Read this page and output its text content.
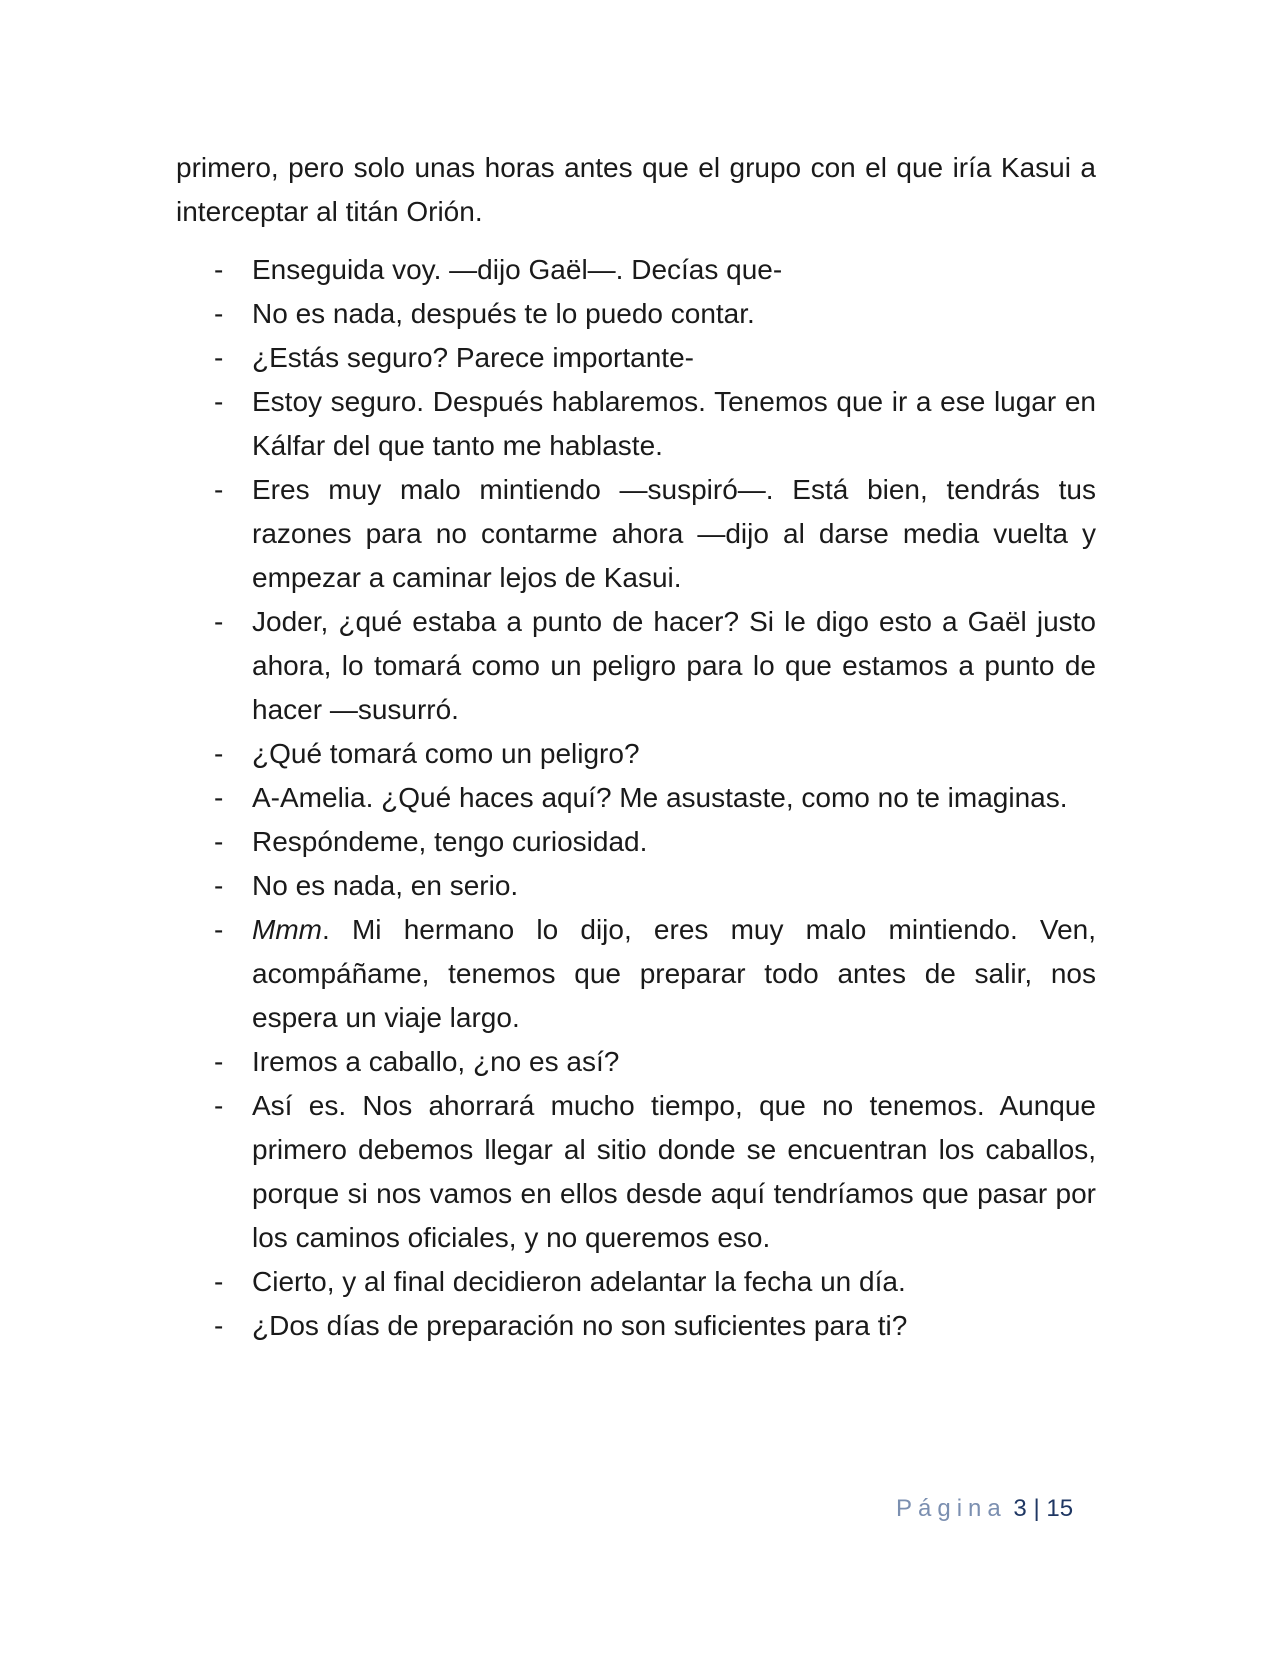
primero, pero solo unas horas antes que el grupo con el que iría Kasui a interceptar al titán Orión.

- Enseguida voy. —dijo Gaël—. Decías que-
- No es nada, después te lo puedo contar.
- ¿Estás seguro? Parece importante-
- Estoy seguro. Después hablaremos. Tenemos que ir a ese lugar en Kálfar del que tanto me hablaste.
- Eres muy malo mintiendo —suspiró—. Está bien, tendrás tus razones para no contarme ahora —dijo al darse media vuelta y empezar a caminar lejos de Kasui.
- Joder, ¿qué estaba a punto de hacer? Si le digo esto a Gaël justo ahora, lo tomará como un peligro para lo que estamos a punto de hacer —susurró.
- ¿Qué tomará como un peligro?
- A-Amelia. ¿Qué haces aquí? Me asustaste, como no te imaginas.
- Respóndeme, tengo curiosidad.
- No es nada, en serio.
- Mmm. Mi hermano lo dijo, eres muy malo mintiendo. Ven, acompáñame, tenemos que preparar todo antes de salir, nos espera un viaje largo.
- Iremos a caballo, ¿no es así?
- Así es. Nos ahorrará mucho tiempo, que no tenemos. Aunque primero debemos llegar al sitio donde se encuentran los caballos, porque si nos vamos en ellos desde aquí tendríamos que pasar por los caminos oficiales, y no queremos eso.
- Cierto, y al final decidieron adelantar la fecha un día.
- ¿Dos días de preparación no son suficientes para ti?
Página 3 | 15
